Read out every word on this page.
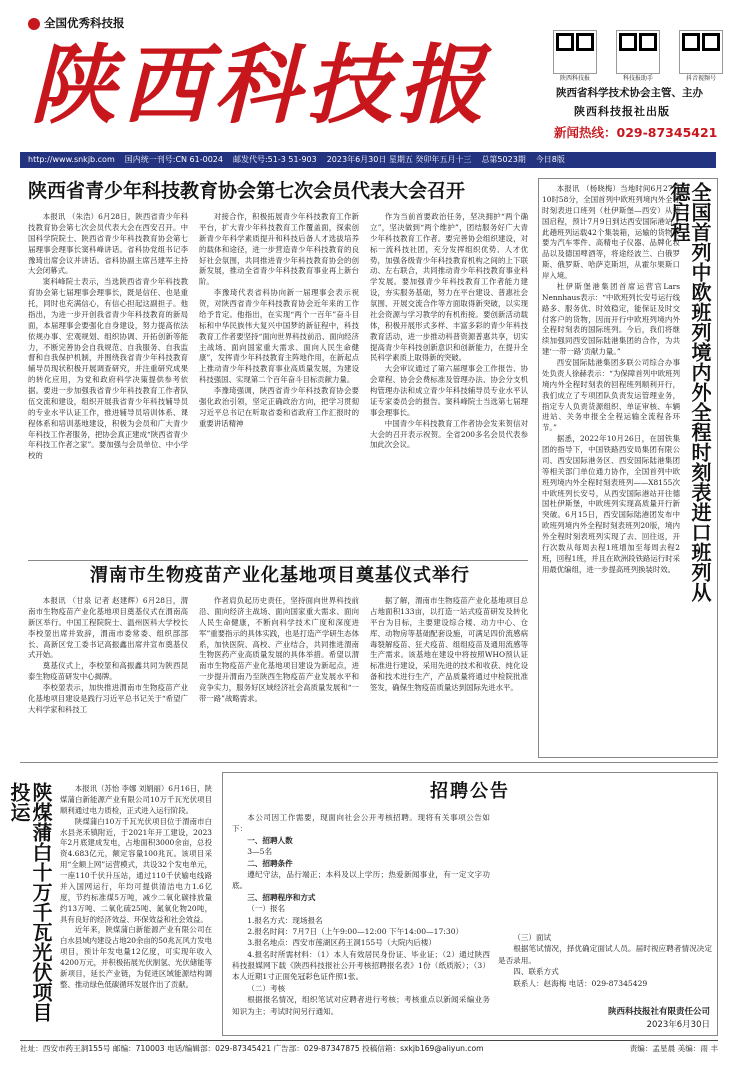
全国优秀科技报
陕西科技报	陕西科技报	科技报助手	抖音视频号
陕西省科学技术协会主管、主办
陕西科技报社出版
新闻热线：029-87345421
http://www.snkjb.com 国内统一刊号:CN 61-0024 邮发代号:51-3 51-903 2023年6月30日 星期五 癸卯年五月十三 总第5023期 今日8版
陕西省青少年科技教育协会第七次会员代表大会召开

本报讯 （朱浩）6月28日，陕西省青少年科技教育协会第七次会员代表大会在西安召开。中国科学院院士、陕西省青少年科技教育协会第七届理事会理事长窦科峰讲话。省科协党组书记李豫琦出席会议并讲话。省科协副主席吕建军主持大会闭幕式。

窦科峰院士表示，当选陕西省青少年科技教育协会第七届理事会理事长，既是信任、也是重托，同时也充满信心，有信心担起这副担子。他指出，为进一步开创我省青少年科技教育的新局面，本届理事会要强化自身建设，努力提高依法依规办事、宏观规划、组织协调、开拓创新等能力，不断完善协会自我规范、自我服务、自我监督和自我保护机制，并围绕我省青少年科技教育辅导员现状积极开展调查研究，并注重研究成果的转化应用，为党和政府科学决策提供参考依据。要进一步加强我省青少年科技教育工作者队伍交流和建设，组织开展我省青少年科技辅导员的专业水平认证工作，推进辅导员培训体系、课程体系和培训基地建设，积极为会员和广大青少年科技工作者服务，把协会真正建成“陕西省青少年科技工作者之家”。要加强与会员单位、中小学校的

对接合作，积极拓展青少年科技教育工作新平台，扩大青少年科技教育工作覆盖面，探索创新青少年科学素质提升和科技后备人才选拔培养的载体和途径，进一步营造青少年科技教育的良好社会氛围，共同推进青少年科技教育协会的创新发展，推动全省青少年科技教育事业再上新台阶。

李豫琦代表省科协向新一届理事会表示祝贺，对陕西省青少年科技教育协会近年来的工作给予肯定。他指出，在实现“两个一百年”奋斗目标和中华民族伟大复兴中国梦的新征程中，科技教育工作者要坚持“面向世界科技前沿、面向经济主战场、面向国家重大需求、面向人民生命健康”，发挥青少年科技教育主阵地作用，在新起点上推动青少年科技教育事业高质量发展，为建设科技强国、实现第二个百年奋斗目标贡献力量。

李豫琦强调，陕西省青少年科技教育协会要强化政治引领，坚定正确政治方向，把学习贯彻习近平总书记在听取省委和省政府工作汇报时的重要讲话精神

作为当前首要政治任务，坚决拥护“两个确立”，坚决做到“两个维护”，团结服务好广大青少年科技教育工作者。要完善协会组织建设，对标一流科技社团，充分发挥组织优势、人才优势，加强各级青少年科技教育机构之间的上下联动、左右联合，共同推动青少年科技教育事业科学发展。要加强青少年科技教育工作者能力建设，夯实服务基础，努力在平台建设、普惠社会氛围、开展交流合作等方面取得新突破，以实现社会资源与学习教学的有机衔接。要创新活动载体，积极开展形式多样、丰富多彩的青少年科技教育活动，进一步推动科普资源普惠共享，切实提高青少年科技创新意识和创新能力，在提升全民科学素质上取得新的突破。

大会审议通过了第六届理事会工作报告、协会章程、协会会费标准及管理办法、协会分支机构管理办法和成立青少年科技辅导员专业水平认证专家委员会的报告。窦科峰院士当选第七届理事会理事长。

中国青少年科技教育工作者协会发来贺信对大会的召开表示祝贺。全省200多名会员代表参加此次会议。

渭南市生物疫苗产业化基地项目奠基仪式举行

本报讯 （甘泉 记者 赵建辉）6月28日，渭南市生物疫苗产业化基地项目奠基仪式在渭南高新区举行。中国工程院院士、温州医科大学校长李校堃出席并致辞，渭南市委常委、组织部部长、高新区党工委书记高振鑫出席并宣布奠基仪式开始。

奠基仪式上，李校堃和高振鑫共同为陕西昆泰生物疫苗研发中心揭牌。

李校堃表示，加快推进渭南市生物疫苗产业化基地项目建设是践行习近平总书记关于“希望广大科学家和科技工

作者肩负起历史责任，坚持面向世界科技前沿、面向经济主战场、面向国家重大需求、面向人民生命健康，不断向科学技术广度和深度进军”重要指示的具体实践，也是打造产学研生态体系，加快医院、高校、产业结合，共同推进渭南生物医药产业高质量发展的具体举措。希望以渭南市生物疫苗产业化基地项目建设为新起点，进一步提升渭南乃至陕西生物疫苗产业发展水平和竞争实力，服务好区域经济社会高质量发展和“一带一路”战略需求。

据了解，渭南市生物疫苗产业化基地项目总占地面积133亩，以打造一站式疫苗研发及转化平台为目标，主要建设综合楼、动力中心、仓库、动物房等基础配套设施，可满足四价流感病毒裂解疫苗、狂犬疫苗、组组疫苗及通用流感等生产需求。该基地在建设中将按照WHO预认证标准进行建设，采用先进的技术和收获、纯化设备和技术进行生产，产品质量将通过中检院批准签发，确保生物疫苗质量达到国际先进水平。

本报讯 （杨晓梅）当地时间6月27日10时58分，全国首列中欧班列境内外全程时刻表进口班列（杜伊斯堡—西安）从德国启程，预计7月9日到达西安国际港站。此趟班列运载42个集装箱，运输的货物主要为汽车零件、高精电子仪器、品牌化妆品以及德国啤酒等，将途经波兰、白俄罗斯、俄罗斯、哈萨克斯坦，从霍尔果斯口岸入境。

杜伊斯堡港集团首席运营官Lars Nennhaus表示：“中欧班列长安号运行线路多、服务优、时效稳定，能保证及时交付客户的货物，因而开行中欧班列境内外全程时刻表的国际班列。今后，我们将继续加强同西安国际陆港集团的合作，为共建‘一带一路’贡献力量。”

西安国际陆港集团多联公司综合办事处负责人徐赫表示：“为保障首列中欧班列境内外全程时刻表的回程班列顺利开行，我们成立了专项团队负责发运管理业务，指定专人负责货源组织、单证审核、车辆进站、关务申报全全程运输全流程各环节。”

据悉，2022年10月26日，在国铁集团的指导下，中国铁路西安局集团有限公司、西安国际港务区、西安国际陆港集团等相关部门单位通力协作，全国首列中欧班列境内外全程时刻表班列——X8155次中欧班列长安号，从西安国际港站开往德国杜伊斯堡，中欧班列实现高质量开行新突破。6月15日，西安国际陆港团发布中欧班列境内外全程时刻表班列20版，境内外全程时刻表班列实现了去、回往返，开行次数从每周去程1班增加至每周去程2班，回程1班，并且在欧洲段铁路运行时采用最优编组，进一步提高班列换装时效。 全国首列中欧班列境内外全程时刻表进口班列从德启程
陕煤蒲白十万千瓦光伏项目投运	本报讯（苏怡 李娜 刘娟丽）6月16日，陕煤蒲白新能源产业有限公司10万千瓦光伏项目顺利通过电力质检，正式进入运行阶段。

陕煤蒲白10万千瓦光伏项目位于渭南市白水县尧禾镇附近，于2021年开工建设，2023年2月底建成发电，占地面积3000余亩，总投资4.683亿元，额定容量100兆瓦。该项目采用“全额上网”运营模式，共设32个发电单元，一座110千伏升压站，通过110千伏输电线路并入国网运行，年均可提供清洁电力1.6亿度，节约标准煤5万吨，减少二氧化碳排放量约13万吨、二氧化硫25吨、氮氧化物20吨，具有良好的经济效益、环保效益和社会效益。

近年来，陕煤蒲白新能源产业有限公司在白水县域内建设占地20余亩的50兆瓦风力发电项目，预计年发电量12亿度，可实现年收入4200万元，并积极拓展光伏制氢、光伏储能等新项目，延长产业链，为促进区域能源结构调整、推动绿色低碳循环发展作出了贡献。

招聘公告

本公司因工作需要，现面向社会公开考核招聘。现将有关事项公告如下：

一、招聘人数

3—5名

二、招聘条件

遵纪守法，品行端正；本科及以上学历；热爱新闻事业，有一定文字功底。

三、招聘程序和方式

（一）报名

1.报名方式：现场报名

2.报名时间：7月7日（上午9:00—12:00 下午14:00—17:30）

3.报名地点：西安市莲湖区药王洞155号（大院内后楼）

4.报名时所需材料：（1）本人有效居民身份证、毕业证；（2）通过陕西科技报媒网下载《陕西科技报社公开考核招聘报名表》1份（纸质版）；（3）本人近期1寸正面免冠彩色证件照1张。

（二）考核

根据报名情况，组织笔试对应聘者进行考核；考核重点以新闻采编业务知识为主；考试时间另行通知。

（三）面试

根据笔试情况，择优确定面试人员。届时视应聘者情况决定是否录用。

四、联系方式

联系人：赵海梅 电话：029-87345429

陕西科技报社有限责任公司
2023年6月30日
社址：西安市药王洞155号 邮编：710003 电话/编辑部：029-87345421 广告部：029-87347875 投稿信箱：sxkjb169@aliyun.com	责编：孟星晨 美编：雨 丰
